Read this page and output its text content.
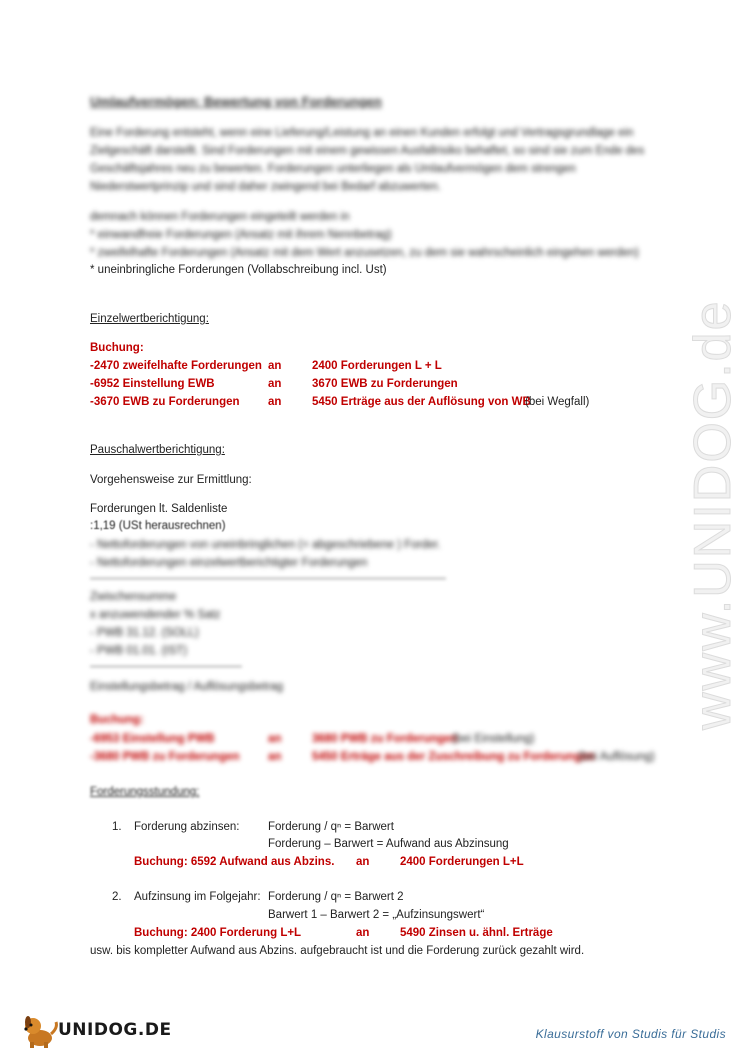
Umlaufvermögen: Bewertung von Forderungen
Eine Forderung entsteht, wenn eine Lieferung/Leistung an einen Kunden erfolgt und Vertragsgrundlage ein
Zielgeschäft darstellt. Sind Forderungen mit einem gewissen Ausfallrisiko behaftet, so sind sie zum Ende des
Geschäftsjahres neu zu bewerten. Forderungen unterliegen als Umlaufvermögen dem strengen
Niederstwertprinzip und sind daher zwingend bei Bedarf abzuwerten.
demnach können Forderungen eingeteilt werden in
* einwandfreie Forderungen (Ansatz mit ihrem Nennbetrag)
* zweifelhafte Forderungen (Ansatz mit dem Wert anzusetzen, zu dem sie wahrscheinlich eingehen werden)
* uneinbringliche Forderungen (Vollabschreibung incl. Ust)
Einzelwertberichtigung:
Buchung:
-2470 zweifelhafte Forderungen an	2400 Forderungen L + L
-6952 Einstellung EWB	an	3670 EWB zu Forderungen
-3670 EWB zu Forderungen an	5450 Erträge aus der Auflösung von WB
(bei Wegfall)
Pauschalwertberichtigung:
Vorgehensweise zur Ermittlung:
Forderungen lt. Saldenliste
:1,19 (USt herausrechnen)
- Nettoforderungen von uneinbringlichen (= abgeschriebene ) Forder.
- Nettoforderungen einzelwertberichtigter Forderungen
Zwischensumme
x anzuwendender % Satz
- PWB 31.12. (SOLL)
- PWB 01.01. (IST)
Einstellungsbetrag / Auflösungsbetrag
Buchung:
-6953 Einstellung PWB	an	3680 PWB zu Forderungen
(bei Einstellung)
-3680 PWB zu Forderungen an	5450 Erträge aus der Zuschreibung zu Forderungen
(bei Auflösung)
Forderungsstundung:
1. Forderung abzinsen: Forderung / qⁿ = Barwert
Forderung – Barwert = Aufwand aus Abzinsung
Buchung: 6592 Aufwand aus Abzins. an	2400 Forderungen L+L
2. Aufzinsung im Folgejahr: Forderung / qⁿ = Barwert 2
Barwert 1 – Barwert 2 = „Aufzinsungswert“
Buchung: 2400 Forderung L+L	an	5490 Zinsen u. ähnl. Erträge
usw. bis kompletter Aufwand aus Abzins. aufgebraucht ist und die Forderung zurück gezahlt wird.
www.UNIDOG.de
UNIDOG.DE	Klausurstoff von Studis für Studis
